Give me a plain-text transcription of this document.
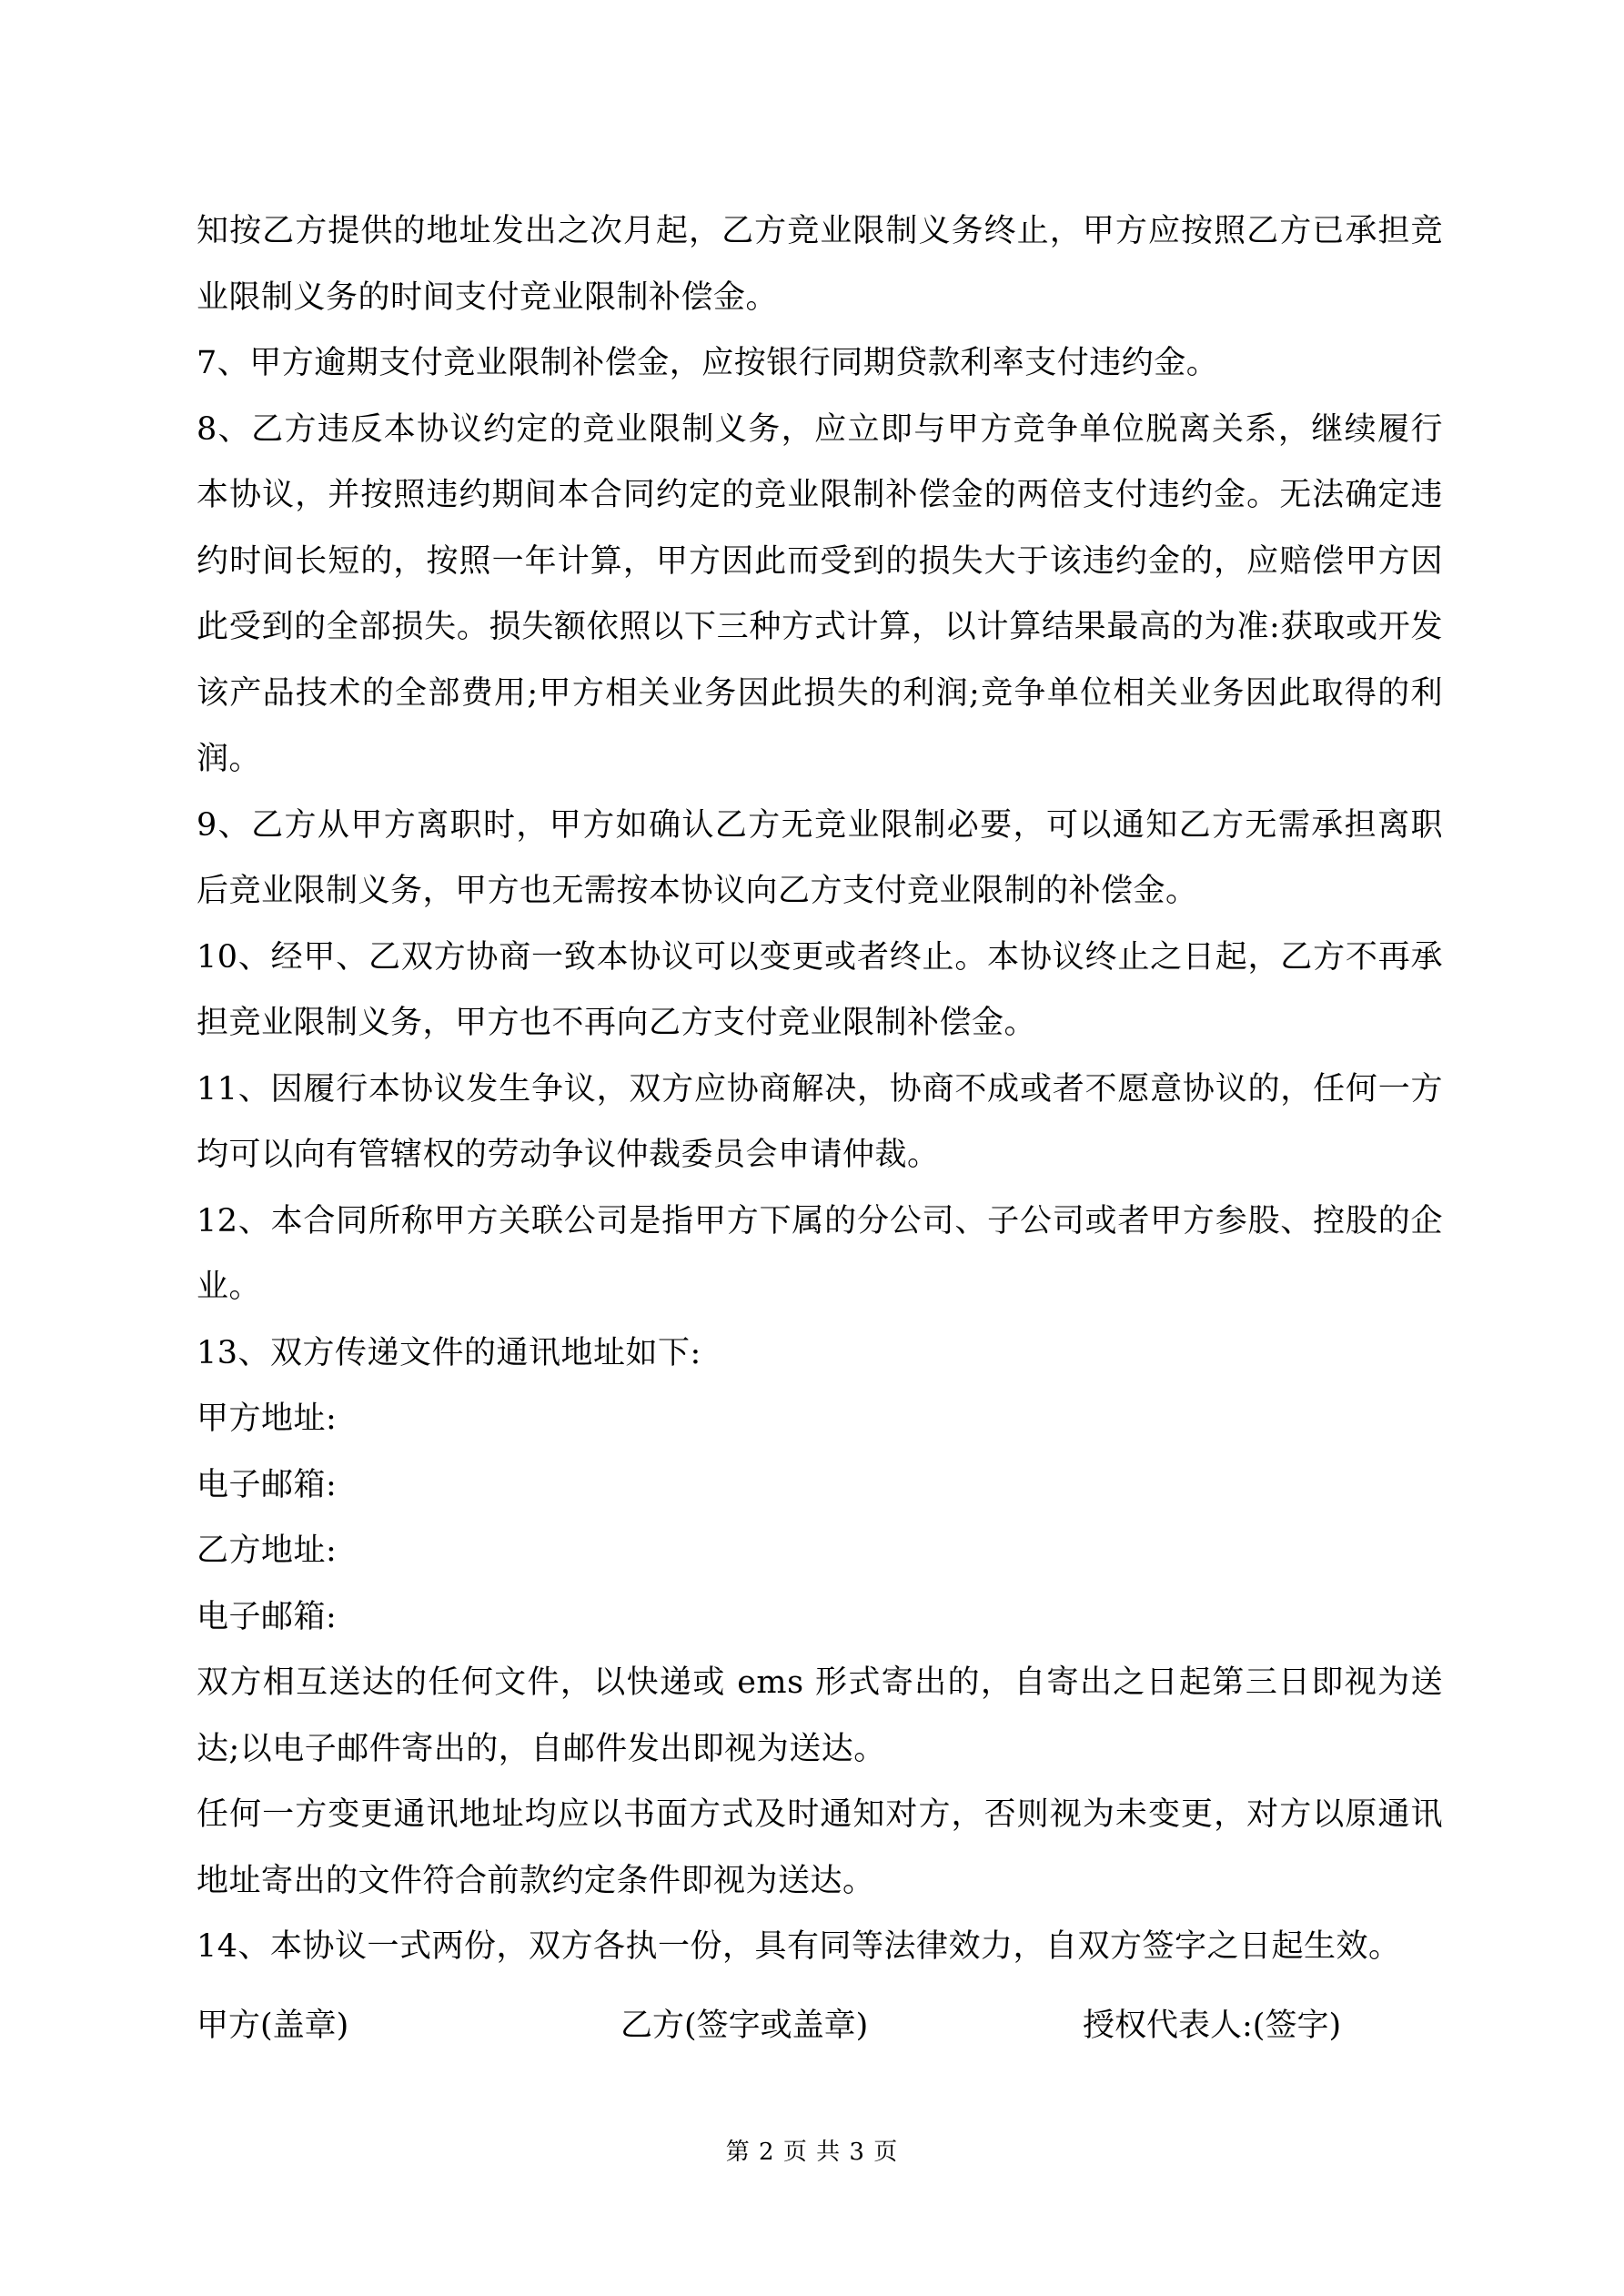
知按乙方提供的地址发出之次月起，乙方竞业限制义务终止，甲方应按照乙方已承担竞业限制义务的时间支付竞业限制补偿金。

7、甲方逾期支付竞业限制补偿金，应按银行同期贷款利率支付违约金。

8、乙方违反本协议约定的竞业限制义务，应立即与甲方竞争单位脱离关系，继续履行本协议，并按照违约期间本合同约定的竞业限制补偿金的两倍支付违约金。无法确定违约时间长短的，按照一年计算，甲方因此而受到的损失大于该违约金的，应赔偿甲方因此受到的全部损失。损失额依照以下三种方式计算，以计算结果最高的为准:获取或开发该产品技术的全部费用;甲方相关业务因此损失的利润;竞争单位相关业务因此取得的利润。

9、乙方从甲方离职时，甲方如确认乙方无竞业限制必要，可以通知乙方无需承担离职后竞业限制义务，甲方也无需按本协议向乙方支付竞业限制的补偿金。

10、经甲、乙双方协商一致本协议可以变更或者终止。本协议终止之日起，乙方不再承担竞业限制义务，甲方也不再向乙方支付竞业限制补偿金。

11、因履行本协议发生争议，双方应协商解决，协商不成或者不愿意协议的，任何一方均可以向有管辖权的劳动争议仲裁委员会申请仲裁。

12、本合同所称甲方关联公司是指甲方下属的分公司、子公司或者甲方参股、控股的企业。

13、双方传递文件的通讯地址如下:

甲方地址:

电子邮箱:

乙方地址:

电子邮箱:

双方相互送达的任何文件，以快递或 ems 形式寄出的，自寄出之日起第三日即视为送达;以电子邮件寄出的，自邮件发出即视为送达。

任何一方变更通讯地址均应以书面方式及时通知对方，否则视为未变更，对方以原通讯地址寄出的文件符合前款约定条件即视为送达。

14、本协议一式两份，双方各执一份，具有同等法律效力，自双方签字之日起生效。

甲方(盖章)	乙方(签字或盖章)	授权代表人:(签字)
第 2 页 共 3 页
